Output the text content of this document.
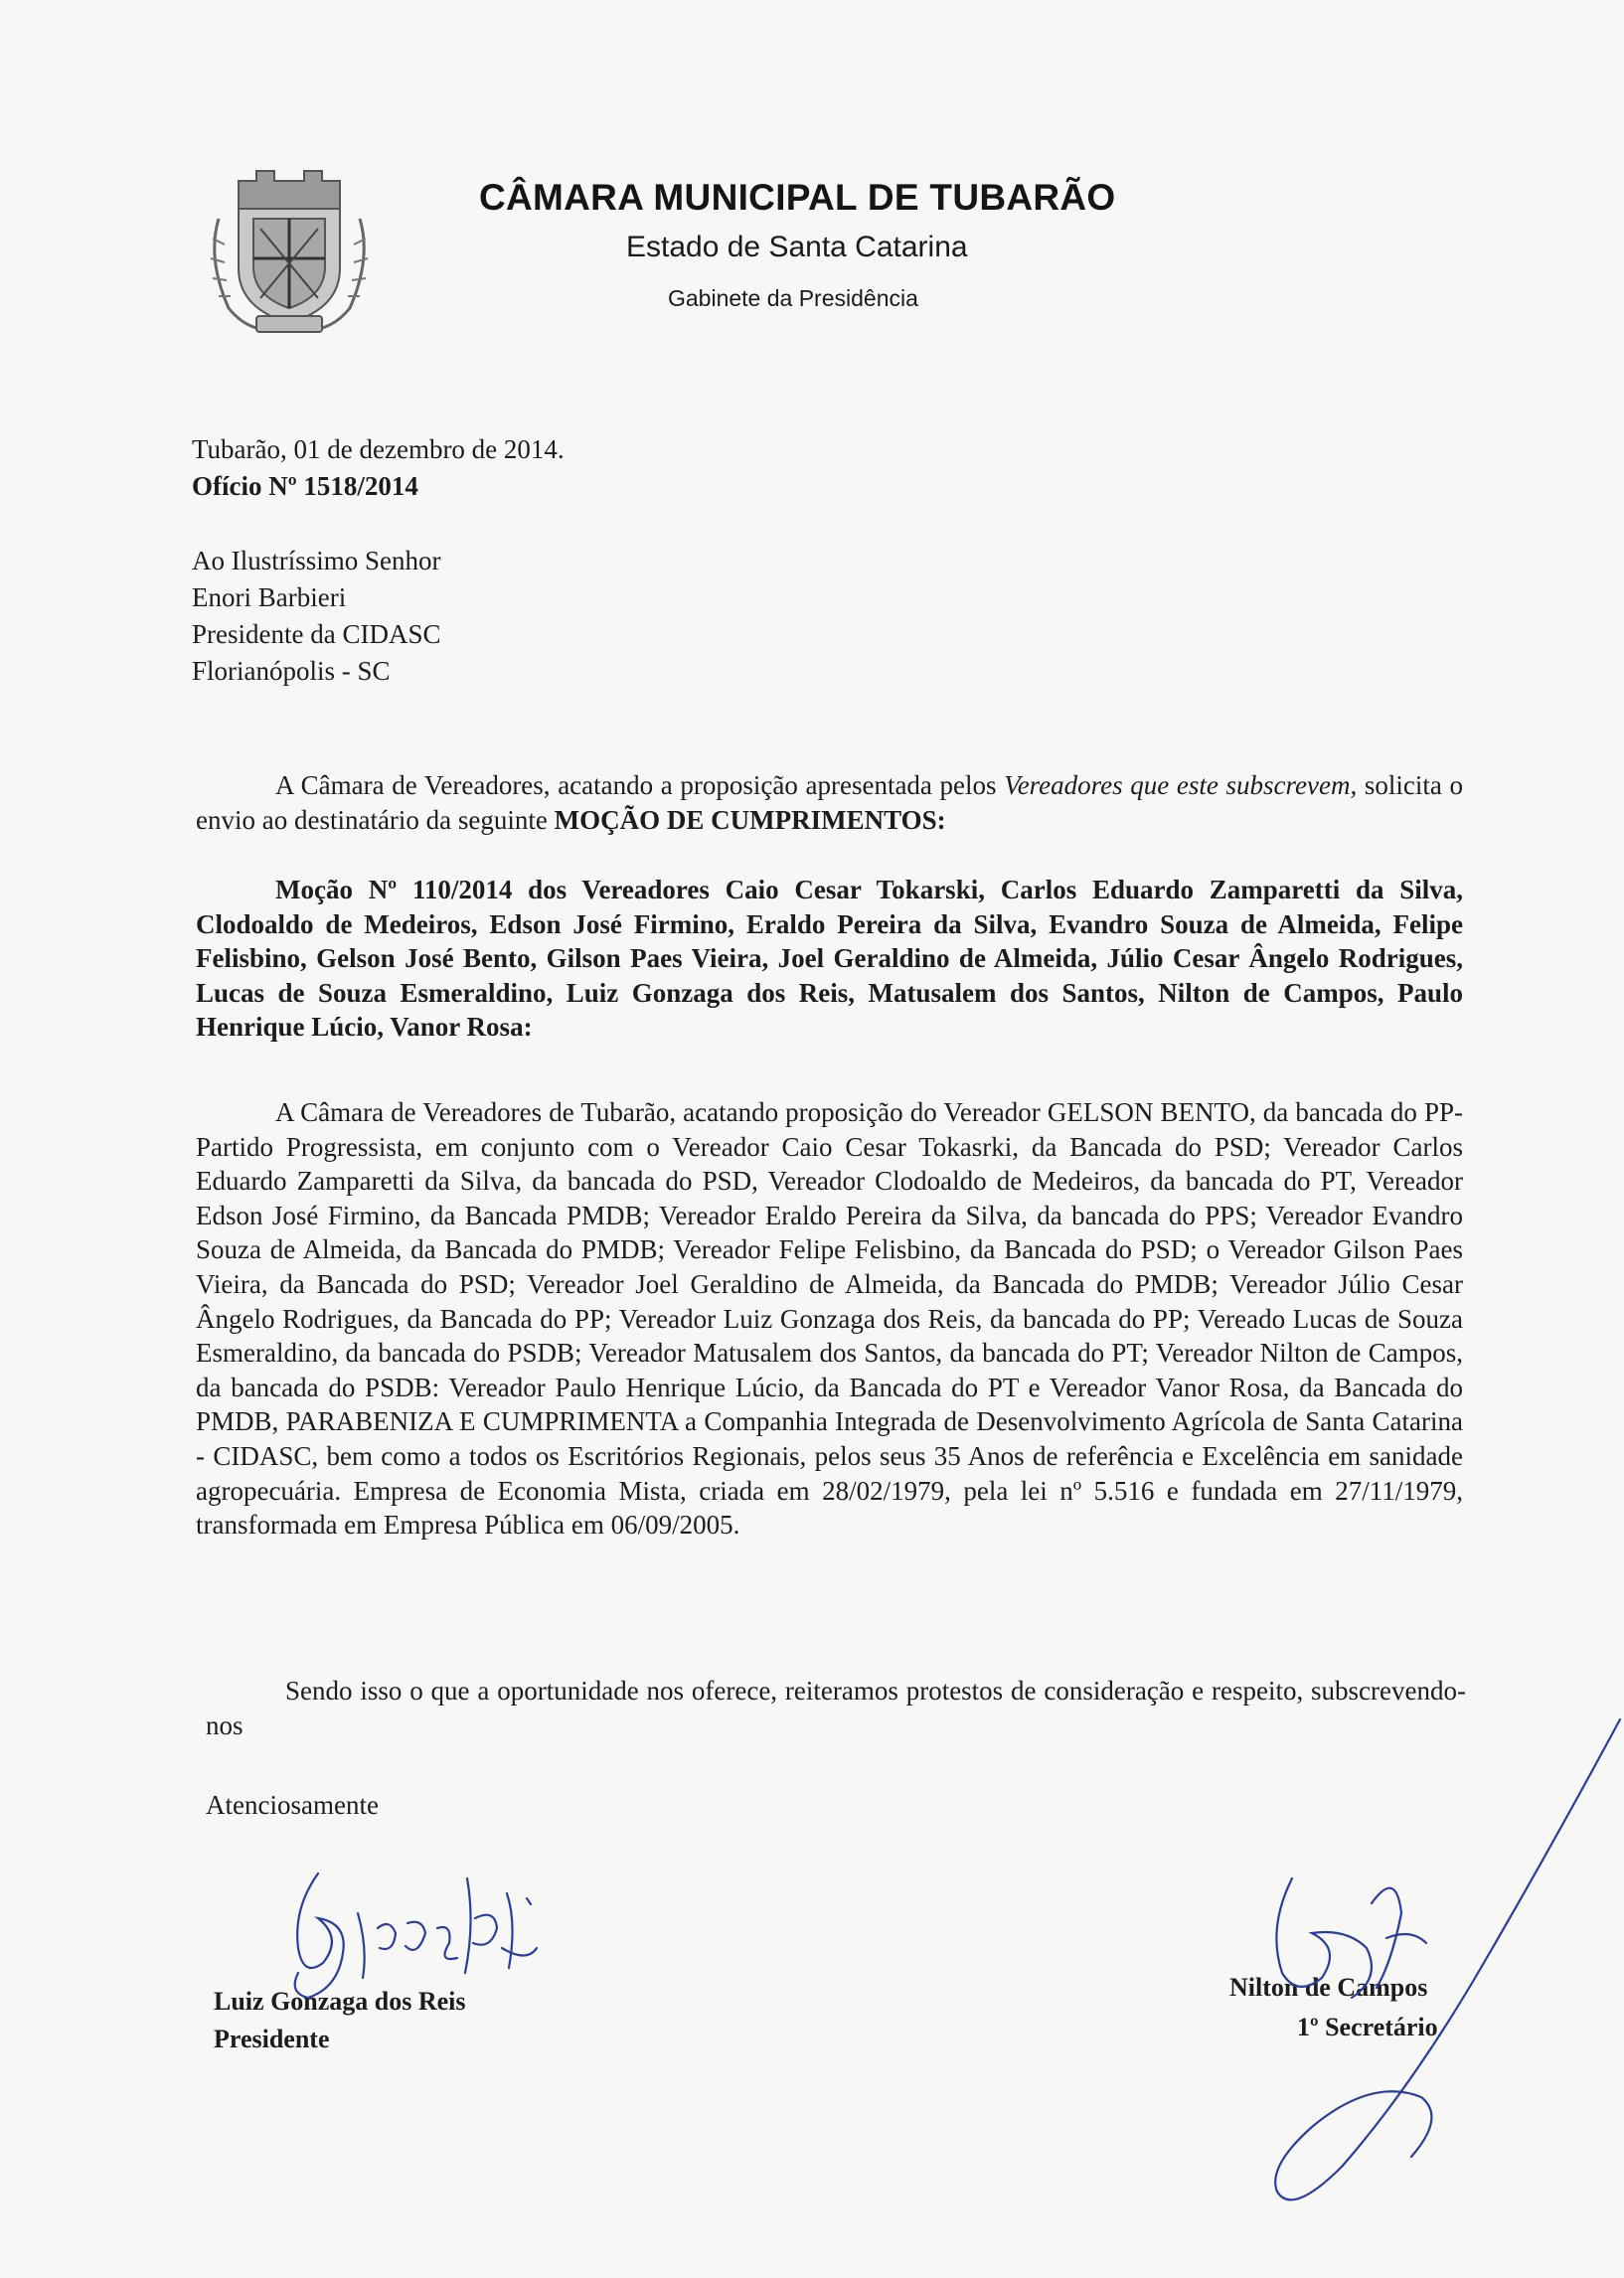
CÂMARA MUNICIPAL DE TUBARÃO
Estado de Santa Catarina
Gabinete da Presidência
Tubarão, 01 de dezembro de 2014.
Ofício Nº 1518/2014
Ao Ilustríssimo Senhor
Enori Barbieri
Presidente da CIDASC
Florianópolis - SC

A Câmara de Vereadores, acatando a proposição apresentada pelos Vereadores que este subscrevem, solicita o envio ao destinatário da seguinte MOÇÃO DE CUMPRIMENTOS:

Moção Nº 110/2014 dos Vereadores Caio Cesar Tokarski, Carlos Eduardo Zamparetti da Silva, Clodoaldo de Medeiros, Edson José Firmino, Eraldo Pereira da Silva, Evandro Souza de Almeida, Felipe Felisbino, Gelson José Bento, Gilson Paes Vieira, Joel Geraldino de Almeida, Júlio Cesar Ângelo Rodrigues, Lucas de Souza Esmeraldino, Luiz Gonzaga dos Reis, Matusalem dos Santos, Nilton de Campos, Paulo Henrique Lúcio, Vanor Rosa:

A Câmara de Vereadores de Tubarão, acatando proposição do Vereador GELSON BENTO, da bancada do PP- Partido Progressista, em conjunto com o Vereador Caio Cesar Tokasrki, da Bancada do PSD; Vereador Carlos Eduardo Zamparetti da Silva, da bancada do PSD, Vereador Clodoaldo de Medeiros, da bancada do PT, Vereador Edson José Firmino, da Bancada PMDB; Vereador Eraldo Pereira da Silva, da bancada do PPS; Vereador Evandro Souza de Almeida, da Bancada do PMDB; Vereador Felipe Felisbino, da Bancada do PSD; o Vereador Gilson Paes Vieira, da Bancada do PSD; Vereador Joel Geraldino de Almeida, da Bancada do PMDB; Vereador Júlio Cesar Ângelo Rodrigues, da Bancada do PP; Vereador Luiz Gonzaga dos Reis, da bancada do PP; Vereado Lucas de Souza Esmeraldino, da bancada do PSDB; Vereador Matusalem dos Santos, da bancada do PT; Vereador Nilton de Campos, da bancada do PSDB: Vereador Paulo Henrique Lúcio, da Bancada do PT e Vereador Vanor Rosa, da Bancada do PMDB, PARABENIZA E CUMPRIMENTA a Companhia Integrada de Desenvolvimento Agrícola de Santa Catarina - CIDASC, bem como a todos os Escritórios Regionais, pelos seus 35 Anos de referência e Excelência em sanidade agropecuária. Empresa de Economia Mista, criada em 28/02/1979, pela lei nº 5.516 e fundada em 27/11/1979, transformada em Empresa Pública em 06/09/2005.

Sendo isso o que a oportunidade nos oferece, reiteramos protestos de consideração e respeito, subscrevendo-nos

Atenciosamente
Luiz Gonzaga dos Reis
Presidente
Nilton de Campos
1º Secretário
